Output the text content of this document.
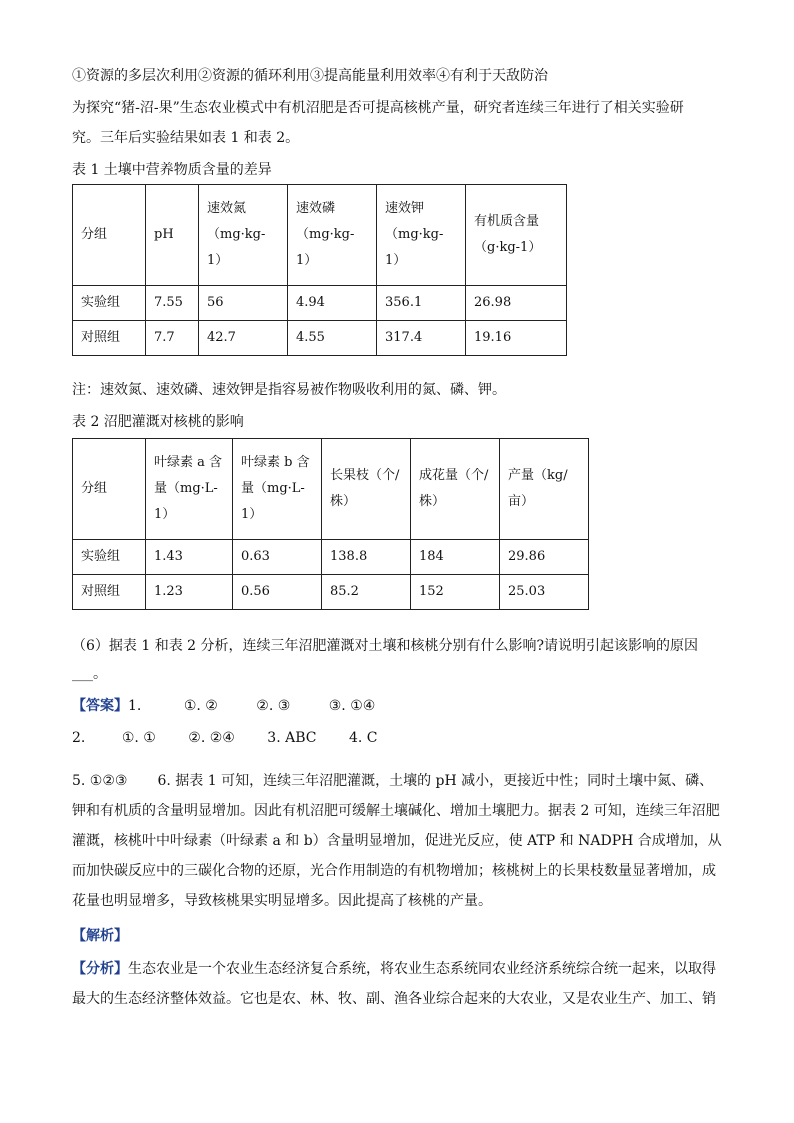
①资源的多层次利用②资源的循环利用③提高能量利用效率④有利于天敌防治
为探究“猪-沼-果”生态农业模式中有机沼肥是否可提高核桃产量，研究者连续三年进行了相关实验研
究。三年后实验结果如表 1 和表 2。
表 1 土壤中营养物质含量的差异
分组	pH	速效氮（mg·kg-1）	速效磷（mg·kg-1）	速效钾（mg·kg-1）	有机质含量（g·kg-1）
实验组	7.55	56	4.94	356.1	26.98
对照组	7.7	42.7	4.55	317.4	19.16
注：速效氮、速效磷、速效钾是指容易被作物吸收利用的氮、磷、钾。
表 2 沼肥灌溉对核桃的影响
分组	叶绿素 a 含量（mg·L-1）	叶绿素 b 含量（mg·L-1）	长果枝（个/株）	成花量（个/株）	产量（kg/亩）
实验组	1.43	0.63	138.8	184	29.86
对照组	1.23	0.56	85.2	152	25.03
（6）据表 1 和表 2 分析，连续三年沼肥灌溉对土壤和核桃分别有什么影响?请说明引起该影响的原因
___。
【答案】1.	①. ②	②. ③	③. ①④
2.	①. ① ②. ②④ 3. ABC 4. C
5. ①②③ 6. 据表 1 可知，连续三年沼肥灌溉，土壤的 pH 减小，更接近中性；同时土壤中氮、磷、钾和有机质的含量明显增加。因此有机沼肥可缓解土壤碱化、增加土壤肥力。据表 2 可知，连续三年沼肥灌溉，核桃叶中叶绿素（叶绿素 a 和 b）含量明显增加，促进光反应，使 ATP 和 NADPH 合成增加，从而加快碳反应中的三碳化合物的还原，光合作用制造的有机物增加；核桃树上的长果枝数量显著增加，成花量也明显增多，导致核桃果实明显增多。因此提高了核桃的产量。
【解析】
【分析】生态农业是一个农业生态经济复合系统，将农业生态系统同农业经济系统综合统一起来，以取得最大的生态经济整体效益。它也是农、林、牧、副、渔各业综合起来的大农业，又是农业生产、加工、销
